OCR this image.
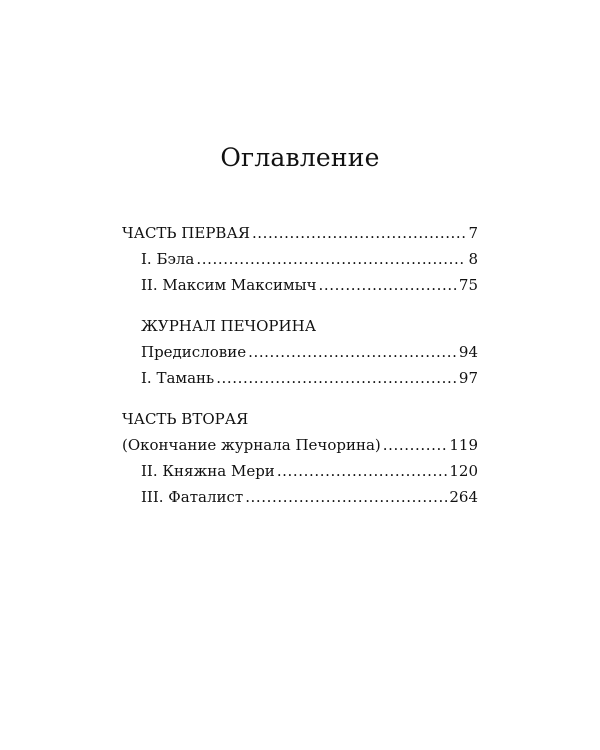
Оглавление
ЧАСТЬ ПЕРВАЯ .....	7
I. Бэла .....	8
II. Максим Максимыч .....	75
ЖУРНАЛ ПЕЧОРИНА
Предисловие .....	94
I. Тамань .....	97
ЧАСТЬ ВТОРАЯ
(Окончание журнала Печорина) .....	119
II. Княжна Мери .....	120
III. Фаталист .....	264
